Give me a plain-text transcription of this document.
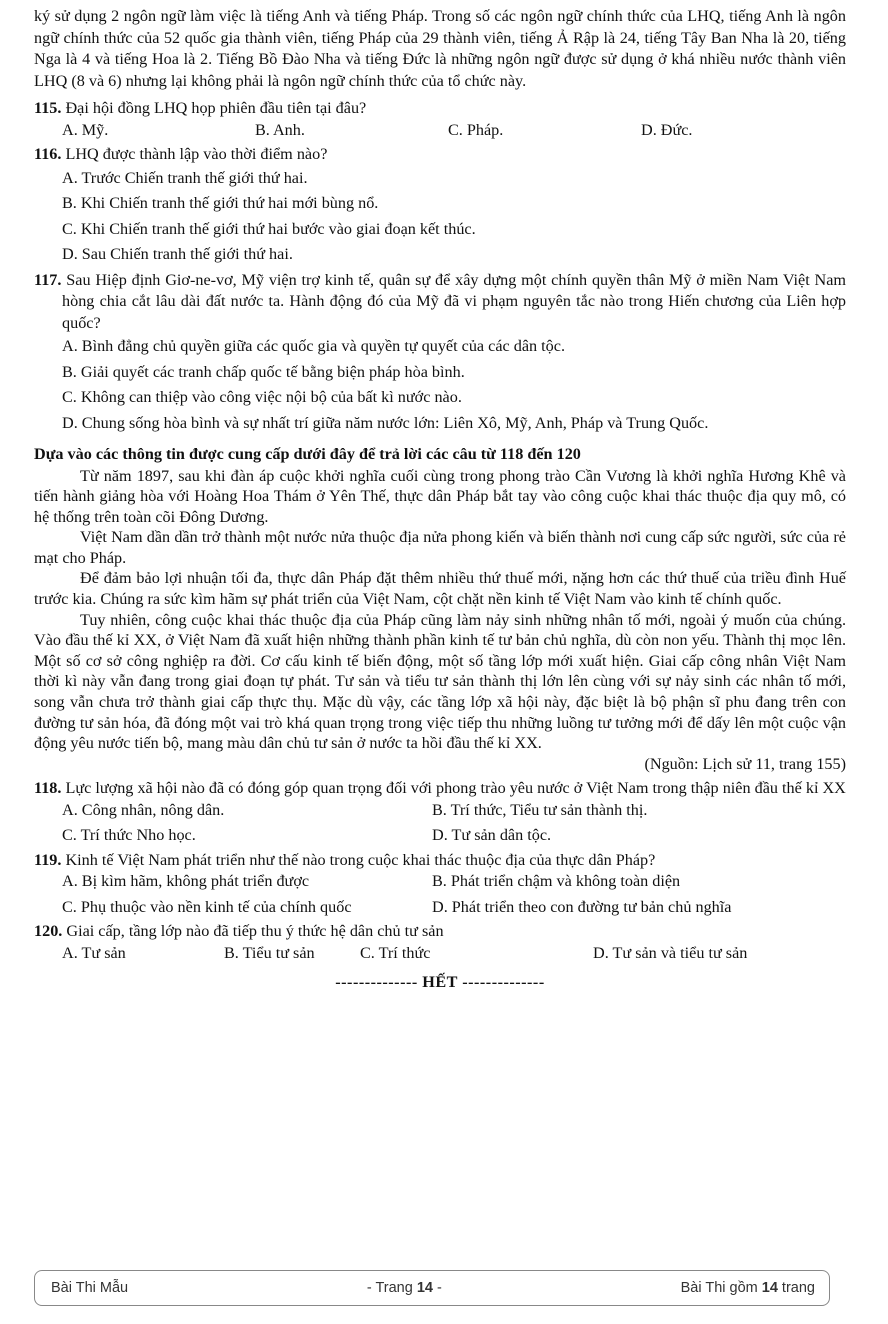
ký sử dụng 2 ngôn ngữ làm việc là tiếng Anh và tiếng Pháp. Trong số các ngôn ngữ chính thức của LHQ, tiếng Anh là ngôn ngữ chính thức của 52 quốc gia thành viên, tiếng Pháp của 29 thành viên, tiếng Ả Rập là 24, tiếng Tây Ban Nha là 20, tiếng Nga là 4 và tiếng Hoa là 2. Tiếng Bồ Đào Nha và tiếng Đức là những ngôn ngữ được sử dụng ở khá nhiều nước thành viên LHQ (8 và 6) nhưng lại không phải là ngôn ngữ chính thức của tổ chức này.

115. Đại hội đồng LHQ họp phiên đầu tiên tại đâu?

A. Mỹ.	B. Anh.	C. Pháp.	D. Đức.

116. LHQ được thành lập vào thời điểm nào?

A. Trước Chiến tranh thế giới thứ hai.
B. Khi Chiến tranh thế giới thứ hai mới bùng nổ.
C. Khi Chiến tranh thế giới thứ hai bước vào giai đoạn kết thúc.
D. Sau Chiến tranh thế giới thứ hai.

117. Sau Hiệp định Giơ-ne-vơ, Mỹ viện trợ kinh tế, quân sự để xây dựng một chính quyền thân Mỹ ở miền Nam Việt Nam hòng chia cắt lâu dài đất nước ta. Hành động đó của Mỹ đã vi phạm nguyên tắc nào trong Hiến chương của Liên hợp quốc?

A. Bình đẳng chủ quyền giữa các quốc gia và quyền tự quyết của các dân tộc.
B. Giải quyết các tranh chấp quốc tế bằng biện pháp hòa bình.
C. Không can thiệp vào công việc nội bộ của bất kì nước nào.
D. Chung sống hòa bình và sự nhất trí giữa năm nước lớn: Liên Xô, Mỹ, Anh, Pháp và Trung Quốc.

Dựa vào các thông tin được cung cấp dưới đây để trả lời các câu từ 118 đến 120

Từ năm 1897, sau khi đàn áp cuộc khởi nghĩa cuối cùng trong phong trào Cần Vương là khởi nghĩa Hương Khê và tiến hành giảng hòa với Hoàng Hoa Thám ở Yên Thế, thực dân Pháp bắt tay vào công cuộc khai thác thuộc địa quy mô, có hệ thống trên toàn cõi Đông Dương.

Việt Nam dần dần trở thành một nước nửa thuộc địa nửa phong kiến và biến thành nơi cung cấp sức người, sức của rẻ mạt cho Pháp.

Để đảm bảo lợi nhuận tối đa, thực dân Pháp đặt thêm nhiều thứ thuế mới, nặng hơn các thứ thuế của triều đình Huế trước kia. Chúng ra sức kìm hãm sự phát triển của Việt Nam, cột chặt nền kinh tế Việt Nam vào kinh tế chính quốc.

Tuy nhiên, công cuộc khai thác thuộc địa của Pháp cũng làm nảy sinh những nhân tố mới, ngoài ý muốn của chúng. Vào đầu thế kỉ XX, ở Việt Nam đã xuất hiện những thành phần kinh tế tư bản chủ nghĩa, dù còn non yếu. Thành thị mọc lên. Một số cơ sở công nghiệp ra đời. Cơ cấu kinh tế biến động, một số tầng lớp mới xuất hiện. Giai cấp công nhân Việt Nam thời kì này vẫn đang trong giai đoạn tự phát. Tư sản và tiểu tư sản thành thị lớn lên cùng với sự nảy sinh các nhân tố mới, song vẫn chưa trở thành giai cấp thực thụ. Mặc dù vậy, các tầng lớp xã hội này, đặc biệt là bộ phận sĩ phu đang trên con đường tư sản hóa, đã đóng một vai trò khá quan trọng trong việc tiếp thu những luồng tư tưởng mới để dấy lên một cuộc vận động yêu nước tiến bộ, mang màu dân chủ tư sản ở nước ta hồi đầu thế kỉ XX.

(Nguồn: Lịch sử 11, trang 155)

118. Lực lượng xã hội nào đã có đóng góp quan trọng đối với phong trào yêu nước ở Việt Nam trong thập niên đầu thế kỉ XX

A. Công nhân, nông dân.	B. Trí thức, Tiểu tư sản thành thị.
C. Trí thức Nho học.	D. Tư sản dân tộc.

119. Kinh tế Việt Nam phát triển như thế nào trong cuộc khai thác thuộc địa của thực dân Pháp?

A. Bị kìm hãm, không phát triển được	B. Phát triển chậm và không toàn diện
C. Phụ thuộc vào nền kinh tế của chính quốc	D. Phát triển theo con đường tư bản chủ nghĩa

120. Giai cấp, tầng lớp nào đã tiếp thu ý thức hệ dân chủ tư sản

A. Tư sản	B. Tiểu tư sản	C. Trí thức	D. Tư sản và tiểu tư sản

-------------- HẾT --------------

Bài Thi Mẫu	- Trang 14 -	Bài Thi gồm 14 trang
